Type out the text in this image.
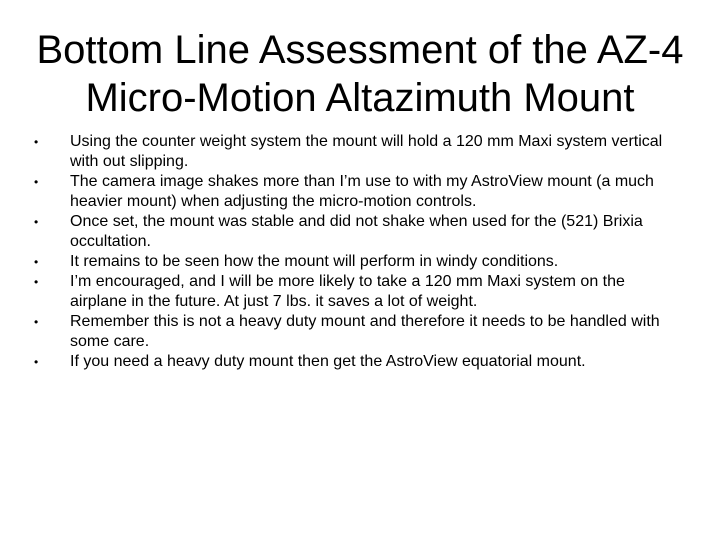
Bottom Line Assessment of the AZ-4 Micro-Motion Altazimuth Mount
•	Using the counter weight system the mount will hold a 120 mm Maxi system vertical with out slipping.
•	The camera image shakes more than I’m use to with my AstroView mount (a much heavier mount) when adjusting the micro-motion controls.
•	Once set, the mount was stable and did not shake when used for the (521) Brixia occultation.
•	It remains to be seen how the mount will perform in windy conditions.
•	I’m encouraged, and I will be more likely to take a 120 mm Maxi system on the airplane in the future. At just 7 lbs. it saves a lot of weight.
•	Remember this is not a heavy duty mount and therefore it needs to be handled with some care.
•	If you need a heavy duty mount then get the AstroView equatorial mount.
